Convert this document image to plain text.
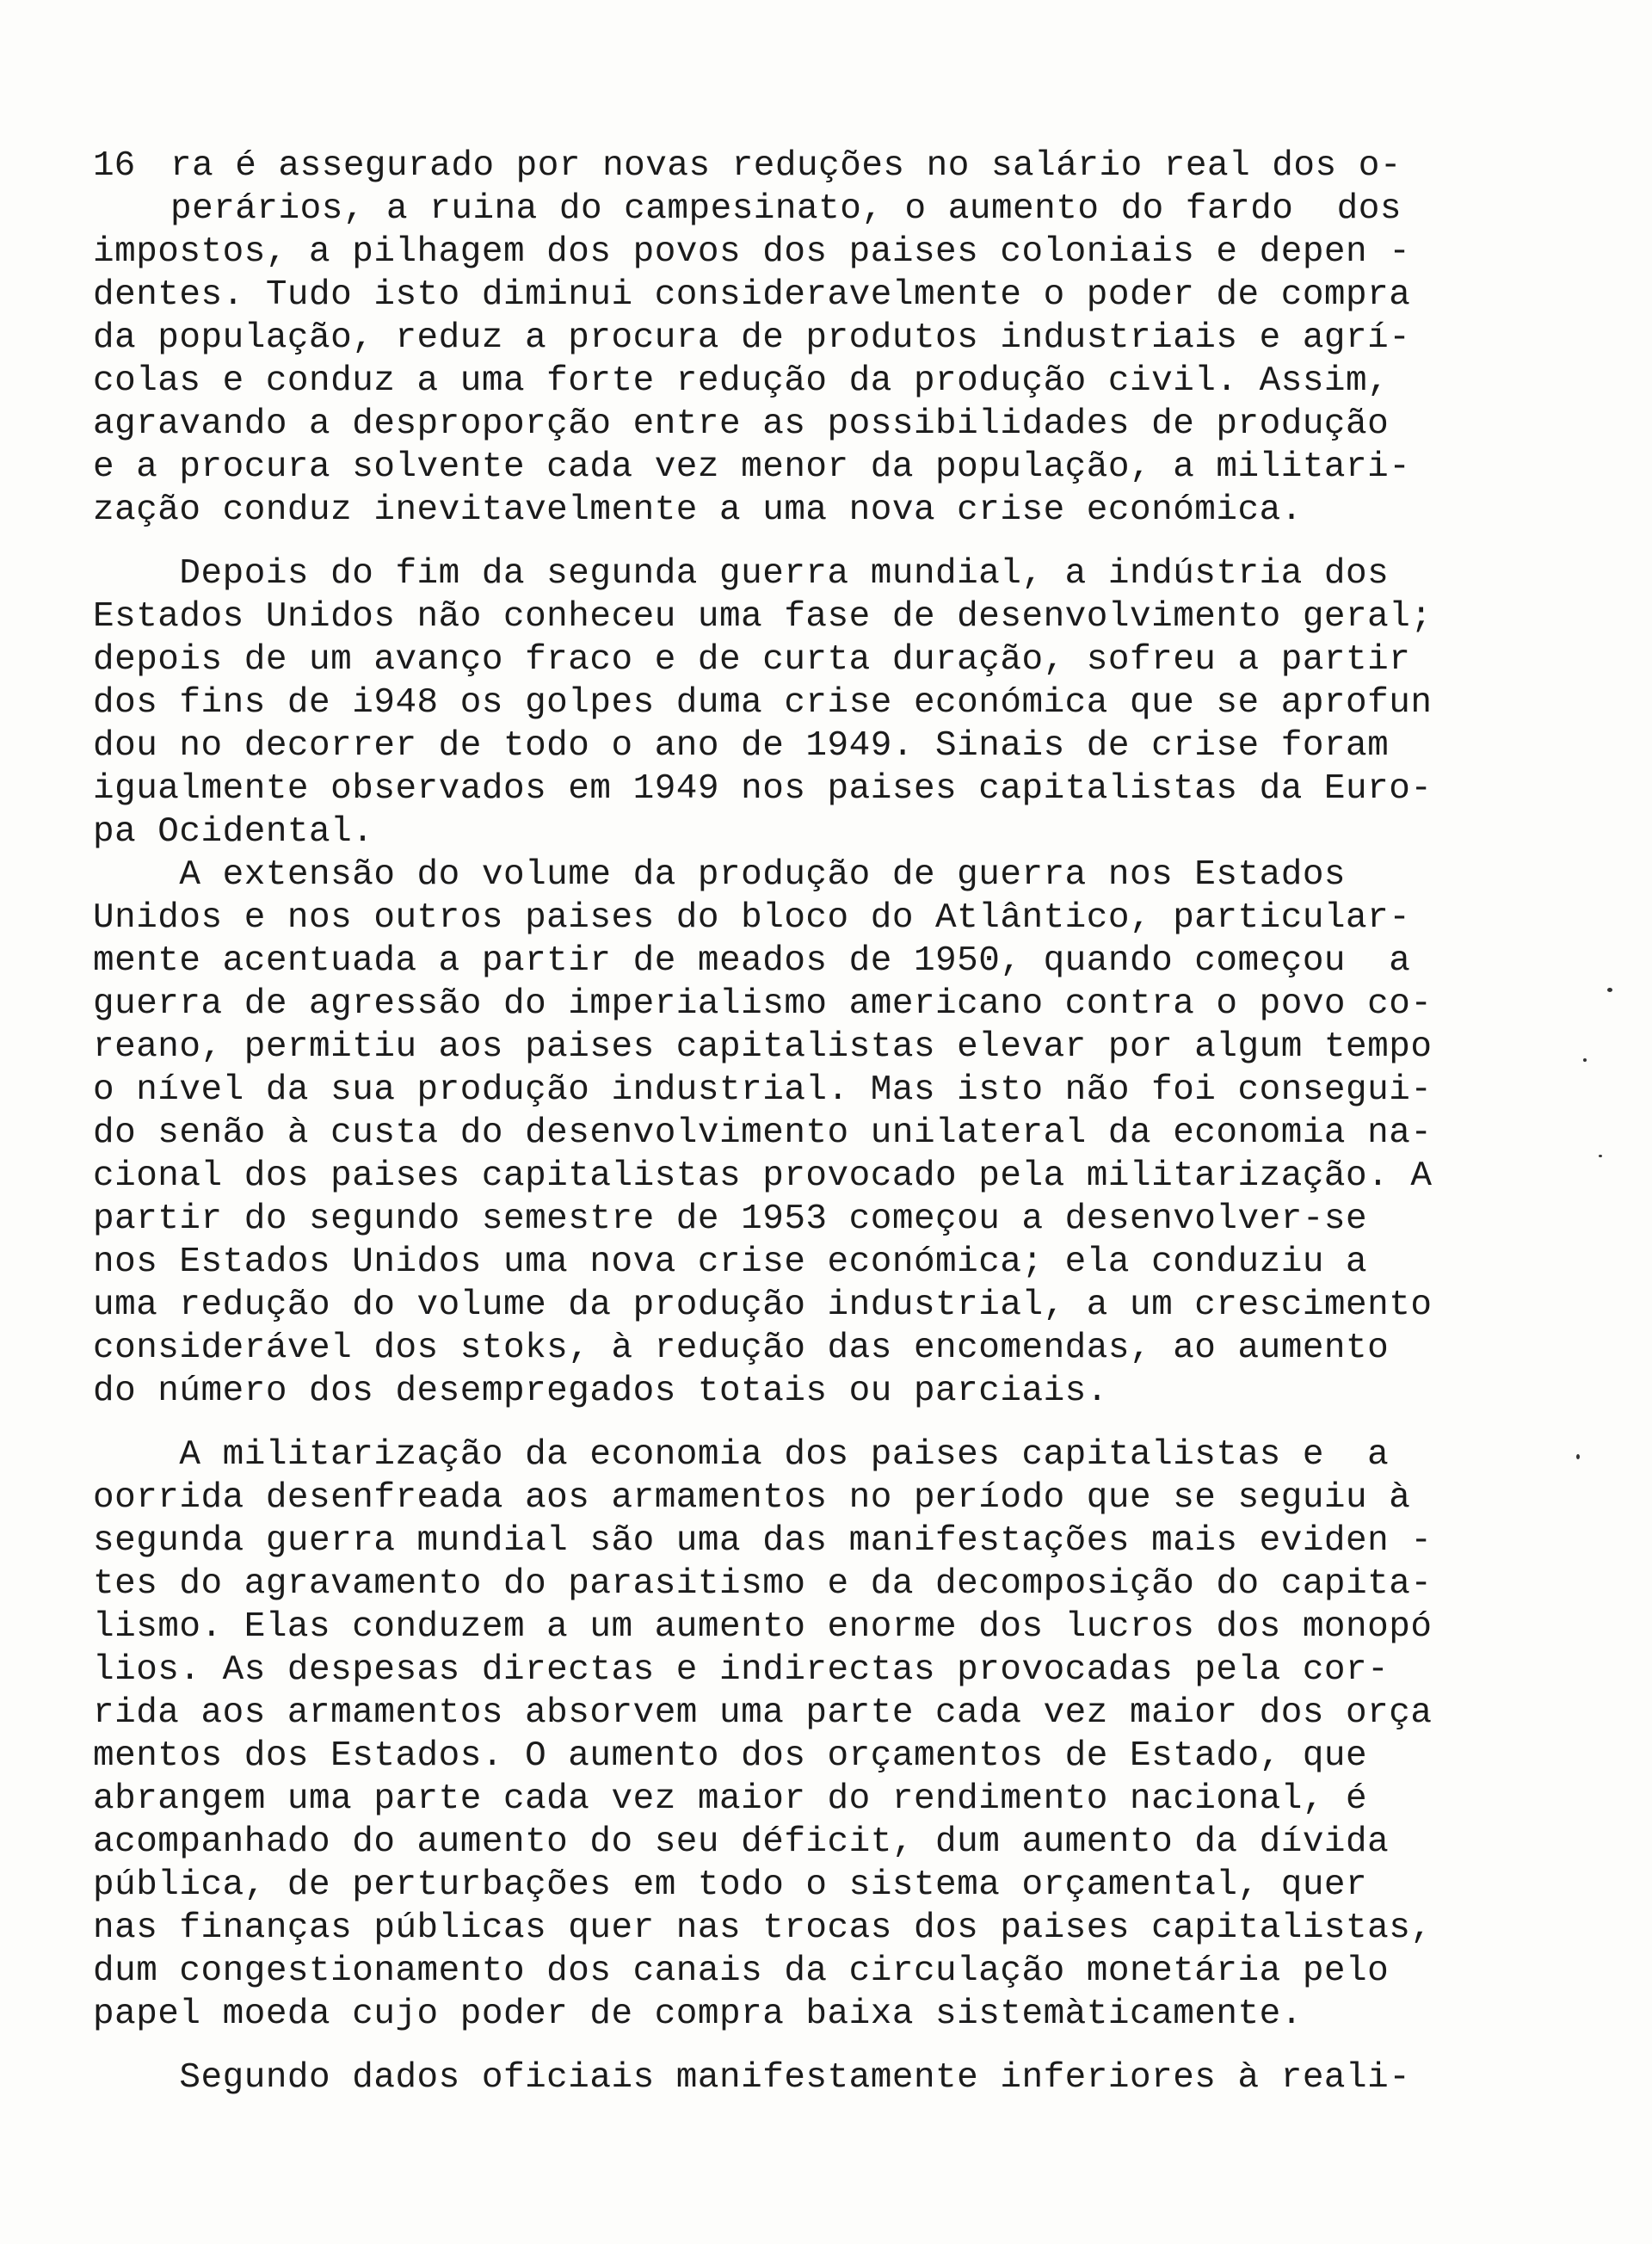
16 ra é assegurado por novas reduções no salário real dos o-
perários, a ruina do campesinato, o aumento do fardo  dos
impostos, a pilhagem dos povos dos paises coloniais e depen -
dentes. Tudo isto diminui consideravelmente o poder de compra
da população, reduz a procura de produtos industriais e agrí-
colas e conduz a uma forte redução da produção civil. Assim,
agravando a desproporção entre as possibilidades de produção
e a procura solvente cada vez menor da população, a militari-
zação conduz inevitavelmente a uma nova crise económica.
Depois do fim da segunda guerra mundial, a indústria dos
Estados Unidos não conheceu uma fase de desenvolvimento geral;
depois de um avanço fraco e de curta duração, sofreu a partir
dos fins de i948 os golpes duma crise económica que se aprofun
dou no decorrer de todo o ano de 1949. Sinais de crise foram
igualmente observados em 1949 nos paises capitalistas da Euro-
pa Ocidental.
A extensão do volume da produção de guerra nos Estados
Unidos e nos outros paises do bloco do Atlântico, particular-
mente acentuada a partir de meados de 1950, quando começou  a
guerra de agressão do imperialismo americano contra o povo co-
reano, permitiu aos paises capitalistas elevar por algum tempo
o nível da sua produção industrial. Mas isto não foi consegui-
do senão à custa do desenvolvimento unilateral da economia na-
cional dos paises capitalistas provocado pela militarização. A
partir do segundo semestre de 1953 começou a desenvolver-se
nos Estados Unidos uma nova crise económica; ela conduziu a
uma redução do volume da produção industrial, a um crescimento
considerável dos stoks, à redução das encomendas, ao aumento
do número dos desempregados totais ou parciais.
A militarização da economia dos paises capitalistas e  a
oorrida desenfreada aos armamentos no período que se seguiu à
segunda guerra mundial são uma das manifestações mais eviden -
tes do agravamento do parasitismo e da decomposição do capita-
lismo. Elas conduzem a um aumento enorme dos lucros dos monopó
lios. As despesas directas e indirectas provocadas pela cor-
rida aos armamentos absorvem uma parte cada vez maior dos orça
mentos dos Estados. O aumento dos orçamentos de Estado, que
abrangem uma parte cada vez maior do rendimento nacional, é
acompanhado do aumento do seu déficit, dum aumento da dívida
pública, de perturbações em todo o sistema orçamental, quer
nas finanças públicas quer nas trocas dos paises capitalistas,
dum congestionamento dos canais da circulação monetária pelo
papel moeda cujo poder de compra baixa sistemàticamente.
Segundo dados oficiais manifestamente inferiores à reali-
